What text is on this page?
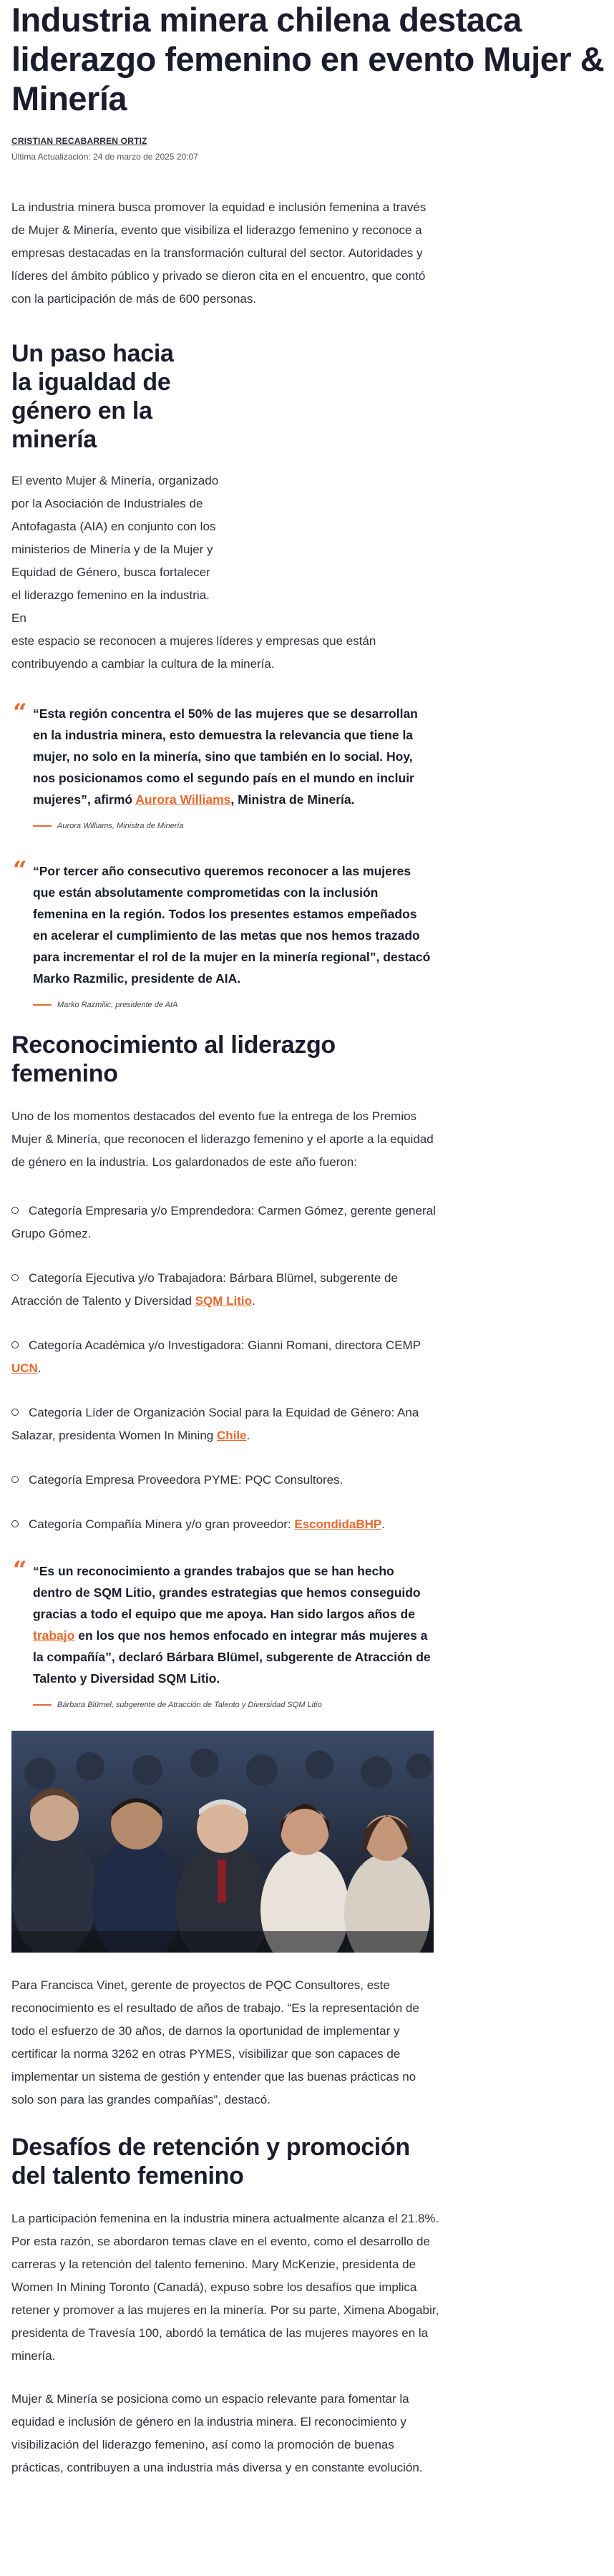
Industria minera chilena destaca liderazgo femenino en evento Mujer & Minería
CRISTIAN RECABARREN ORTIZ
Última Actualización: 24 de marzo de 2025 20:07

La industria minera busca promover la equidad e inclusión femenina a través de Mujer & Minería, evento que visibiliza el liderazgo femenino y reconoce a empresas destacadas en la transformación cultural del sector. Autoridades y líderes del ámbito público y privado se dieron cita en el encuentro, que contó con la participación de más de 600 personas.

Un paso hacia la igualdad de género en la minería

El evento Mujer & Minería, organizado por la Asociación de Industriales de Antofagasta (AIA) en conjunto con los ministerios de Minería y de la Mujer y Equidad de Género, busca fortalecer el liderazgo femenino en la industria. En

este espacio se reconocen a mujeres líderes y empresas que están contribuyendo a cambiar la cultura de la minería.

“ “Esta región concentra el 50% de las mujeres que se desarrollan en la industria minera, esto demuestra la relevancia que tiene la mujer, no solo en la minería, sino que también en lo social. Hoy, nos posicionamos como el segundo país en el mundo en incluir mujeres”, afirmó Aurora Williams, Ministra de Minería.
Aurora Williams, Ministra de Minería
“ “Por tercer año consecutivo queremos reconocer a las mujeres que están absolutamente comprometidas con la inclusión femenina en la región. Todos los presentes estamos empeñados en acelerar el cumplimiento de las metas que nos hemos trazado para incrementar el rol de la mujer en la minería regional”, destacó Marko Razmilic, presidente de AIA.
Marko Razmilic, presidente de AIA
Reconocimiento al liderazgo femenino

Uno de los momentos destacados del evento fue la entrega de los Premios Mujer & Minería, que reconocen el liderazgo femenino y el aporte a la equidad de género en la industria. Los galardonados de este año fueron:

Categoría Empresaria y/o Emprendedora: Carmen Gómez, gerente general Grupo Gómez.
Categoría Ejecutiva y/o Trabajadora: Bárbara Blümel, subgerente de Atracción de Talento y Diversidad SQM Litio.
Categoría Académica y/o Investigadora: Gianni Romani, directora CEMP UCN.
Categoría Líder de Organización Social para la Equidad de Género: Ana Salazar, presidenta Women In Mining Chile.
Categoría Empresa Proveedora PYME: PQC Consultores.
Categoría Compañía Minera y/o gran proveedor: EscondidaBHP.
“ “Es un reconocimiento a grandes trabajos que se han hecho dentro de SQM Litio, grandes estrategias que hemos conseguido gracias a todo el equipo que me apoya. Han sido largos años de trabajo en los que nos hemos enfocado en integrar más mujeres a la compañía”, declaró Bárbara Blümel, subgerente de Atracción de Talento y Diversidad SQM Litio.
Bárbara Blümel, subgerente de Atracción de Talento y Diversidad SQM Litio

Para Francisca Vinet, gerente de proyectos de PQC Consultores, este reconocimiento es el resultado de años de trabajo. “Es la representación de todo el esfuerzo de 30 años, de darnos la oportunidad de implementar y certificar la norma 3262 en otras PYMES, visibilizar que son capaces de implementar un sistema de gestión y entender que las buenas prácticas no solo son para las grandes compañías”, destacó.

Desafíos de retención y promoción del talento femenino

La participación femenina en la industria minera actualmente alcanza el 21.8%. Por esta razón, se abordaron temas clave en el evento, como el desarrollo de carreras y la retención del talento femenino. Mary McKenzie, presidenta de Women In Mining Toronto (Canadá), expuso sobre los desafíos que implica retener y promover a las mujeres en la minería. Por su parte, Ximena Abogabir, presidenta de Travesía 100, abordó la temática de las mujeres mayores en la minería.

Mujer & Minería se posiciona como un espacio relevante para fomentar la equidad e inclusión de género en la industria minera. El reconocimiento y visibilización del liderazgo femenino, así como la promoción de buenas prácticas, contribuyen a una industria más diversa y en constante evolución.
